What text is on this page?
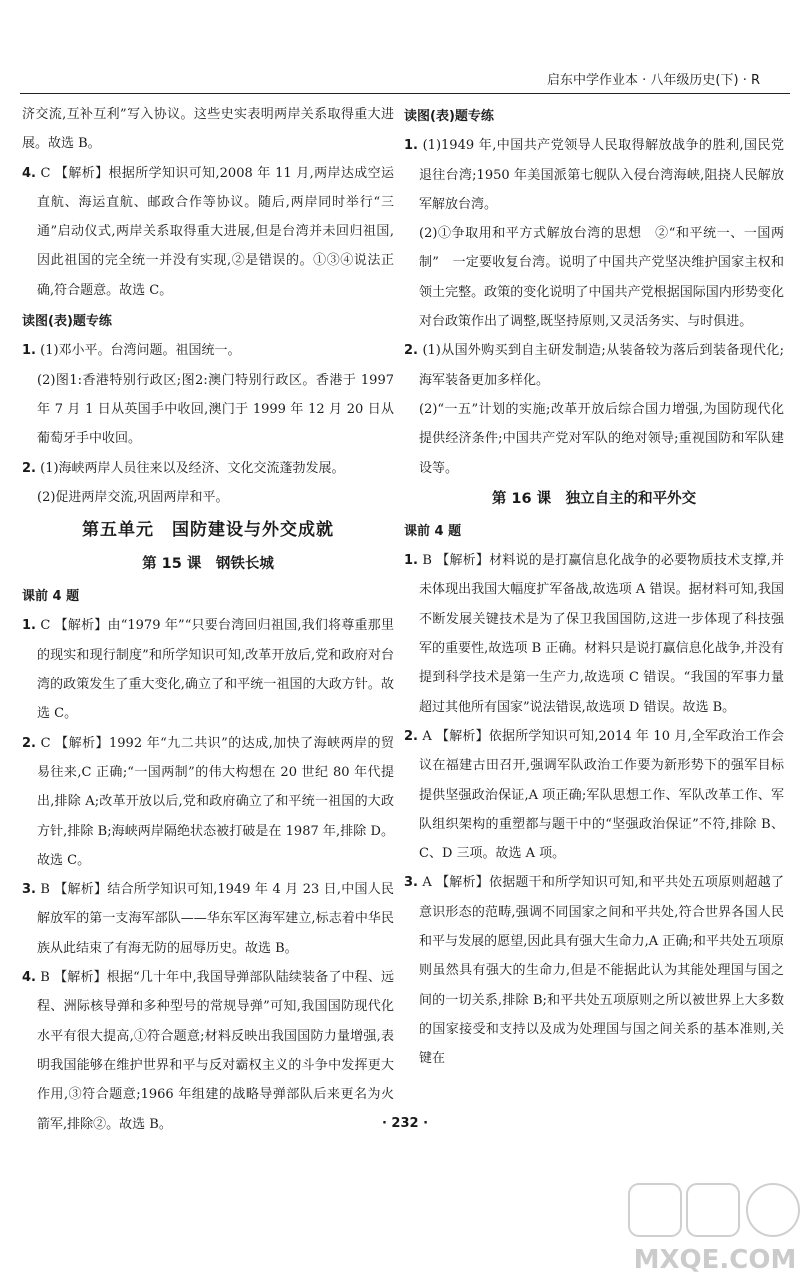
启东中学作业本 · 八年级历史(下) · R

济交流,互补互利”写入协议。这些史实表明两岸关系取得重大进展。故选 B。

4. C 【解析】根据所学知识可知,2008 年 11 月,两岸达成空运直航、海运直航、邮政合作等协议。随后,两岸同时举行“三通”启动仪式,两岸关系取得重大进展,但是台湾并未回归祖国,因此祖国的完全统一并没有实现,②是错误的。①③④说法正确,符合题意。故选 C。

读图(表)题专练

1. (1)邓小平。台湾问题。祖国统一。

(2)图1:香港特别行政区;图2:澳门特别行政区。香港于 1997 年 7 月 1 日从英国手中收回,澳门于 1999 年 12 月 20 日从葡萄牙手中收回。

2. (1)海峡两岸人员往来以及经济、文化交流蓬勃发展。

(2)促进两岸交流,巩固两岸和平。

第五单元　国防建设与外交成就

第 15 课　钢铁长城

课前 4 题

1. C 【解析】由“1979 年”“只要台湾回归祖国,我们将尊重那里的现实和现行制度”和所学知识可知,改革开放后,党和政府对台湾的政策发生了重大变化,确立了和平统一祖国的大政方针。故选 C。

2. C 【解析】1992 年“九二共识”的达成,加快了海峡两岸的贸易往来,C 正确;“一国两制”的伟大构想在 20 世纪 80 年代提出,排除 A;改革开放以后,党和政府确立了和平统一祖国的大政方针,排除 B;海峡两岸隔绝状态被打破是在 1987 年,排除 D。故选 C。

3. B 【解析】结合所学知识可知,1949 年 4 月 23 日,中国人民解放军的第一支海军部队——华东军区海军建立,标志着中华民族从此结束了有海无防的屈辱历史。故选 B。

4. B 【解析】根据“几十年中,我国导弹部队陆续装备了中程、远程、洲际核导弹和多种型号的常规导弹”可知,我国国防现代化水平有很大提高,①符合题意;材料反映出我国国防力量增强,表明我国能够在维护世界和平与反对霸权主义的斗争中发挥更大作用,③符合题意;1966 年组建的战略导弹部队后来更名为火箭军,排除②。故选 B。

读图(表)题专练

1. (1)1949 年,中国共产党领导人民取得解放战争的胜利,国民党退往台湾;1950 年美国派第七舰队入侵台湾海峡,阻挠人民解放军解放台湾。

(2)①争取用和平方式解放台湾的思想　②“和平统一、一国两制”　一定要收复台湾。说明了中国共产党坚决维护国家主权和领土完整。政策的变化说明了中国共产党根据国际国内形势变化对台政策作出了调整,既坚持原则,又灵活务实、与时俱进。

2. (1)从国外购买到自主研发制造;从装备较为落后到装备现代化;海军装备更加多样化。

(2)“一五”计划的实施;改革开放后综合国力增强,为国防现代化提供经济条件;中国共产党对军队的绝对领导;重视国防和军队建设等。

第 16 课　独立自主的和平外交

课前 4 题

1. B 【解析】材料说的是打赢信息化战争的必要物质技术支撑,并未体现出我国大幅度扩军备战,故选项 A 错误。据材料可知,我国不断发展关键技术是为了保卫我国国防,这进一步体现了科技强军的重要性,故选项 B 正确。材料只是说打赢信息化战争,并没有提到科学技术是第一生产力,故选项 C 错误。“我国的军事力量超过其他所有国家”说法错误,故选项 D 错误。故选 B。

2. A 【解析】依据所学知识可知,2014 年 10 月,全军政治工作会议在福建古田召开,强调军队政治工作要为新形势下的强军目标提供坚强政治保证,A 项正确;军队思想工作、军队改革工作、军队组织架构的重塑都与题干中的“坚强政治保证”不符,排除 B、C、D 三项。故选 A 项。

3. A 【解析】依据题干和所学知识可知,和平共处五项原则超越了意识形态的范畴,强调不同国家之间和平共处,符合世界各国人民和平与发展的愿望,因此具有强大生命力,A 正确;和平共处五项原则虽然具有强大的生命力,但是不能据此认为其能处理国与国之间的一切关系,排除 B;和平共处五项原则之所以被世界上大多数的国家接受和支持以及成为处理国与国之间关系的基本准则,关键在

· 232 ·
MXQE.COM
